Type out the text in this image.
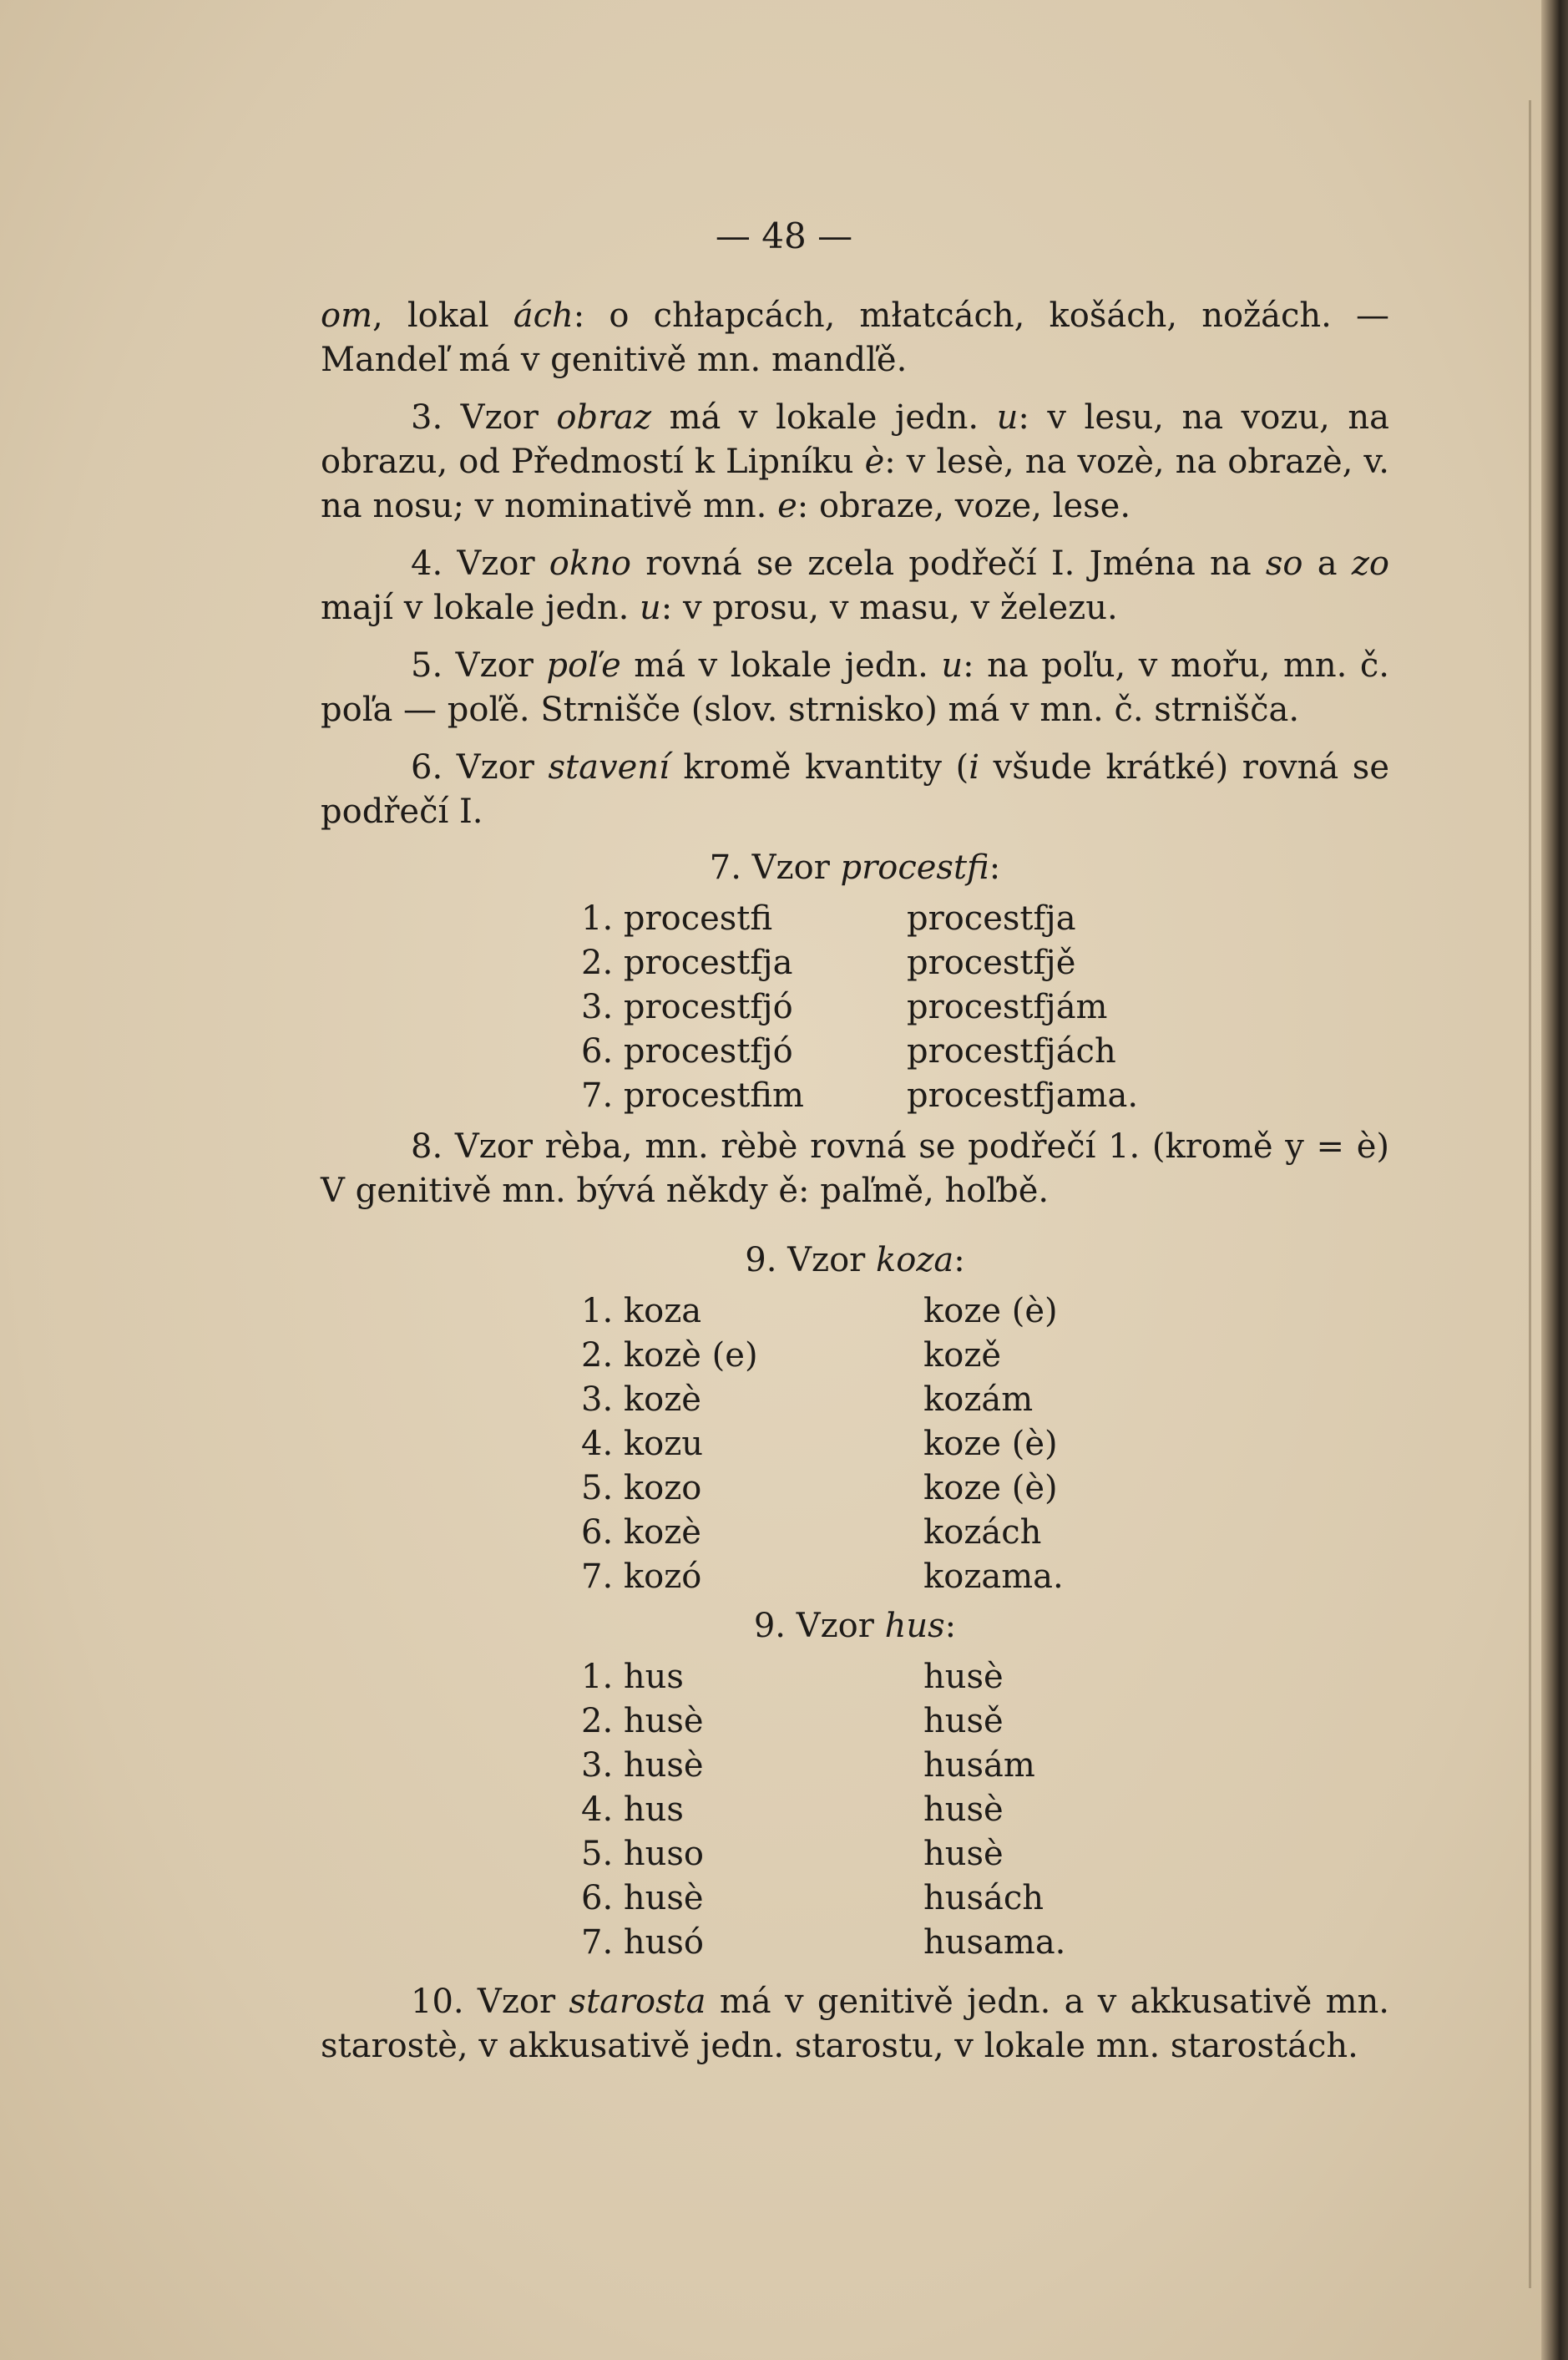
— 48 —

om, lokal ách: o chłapcách, młatcách, košách, nožách. — Mandeľ má v genitivě mn. mandľě.

3. Vzor obraz má v lokale jedn. u: v lesu, na vozu, na obrazu, od Předmostí k Lipníku è: v lesè, na vozè, na obrazè, v. na nosu; v nominativě mn. e: obraze, voze, lese.

4. Vzor okno rovná se zcela podřečí I. Jména na so a zo mají v lokale jedn. u: v prosu, v masu, v železu.

5. Vzor poľe má v lokale jedn. u: na poľu, v mořu, mn. č. poľa — poľě. Strnišče (slov. strnisko) má v mn. č. strnišča.

6. Vzor stavení kromě kvantity (i všude krátké) rovná se podřečí I.

7. Vzor procestfi:

1. procestfi	procestfja
2. procestfja	procestfjě
3. procestfjó	procestfjám
6. procestfjó	procestfjách
7. procestfim	procestfjama.

8. Vzor rèba, mn. rèbè rovná se podřečí 1. (kromě y = è) V genitivě mn. bývá někdy ě: paľmě, hoľbě.

9. Vzor koza:

1. koza	koze (è)
2. kozè (e)	kozě
3. kozè	kozám
4. kozu	koze (è)
5. kozo	koze (è)
6. kozè	kozách
7. kozó	kozama.

9. Vzor hus:

1. hus	husè
2. husè	husě
3. husè	husám
4. hus	husè
5. huso	husè
6. husè	husách
7. husó	husama.

10. Vzor starosta má v genitivě jedn. a v akkusativě mn. starostè, v akkusativě jedn. starostu, v lokale mn. starostách.
